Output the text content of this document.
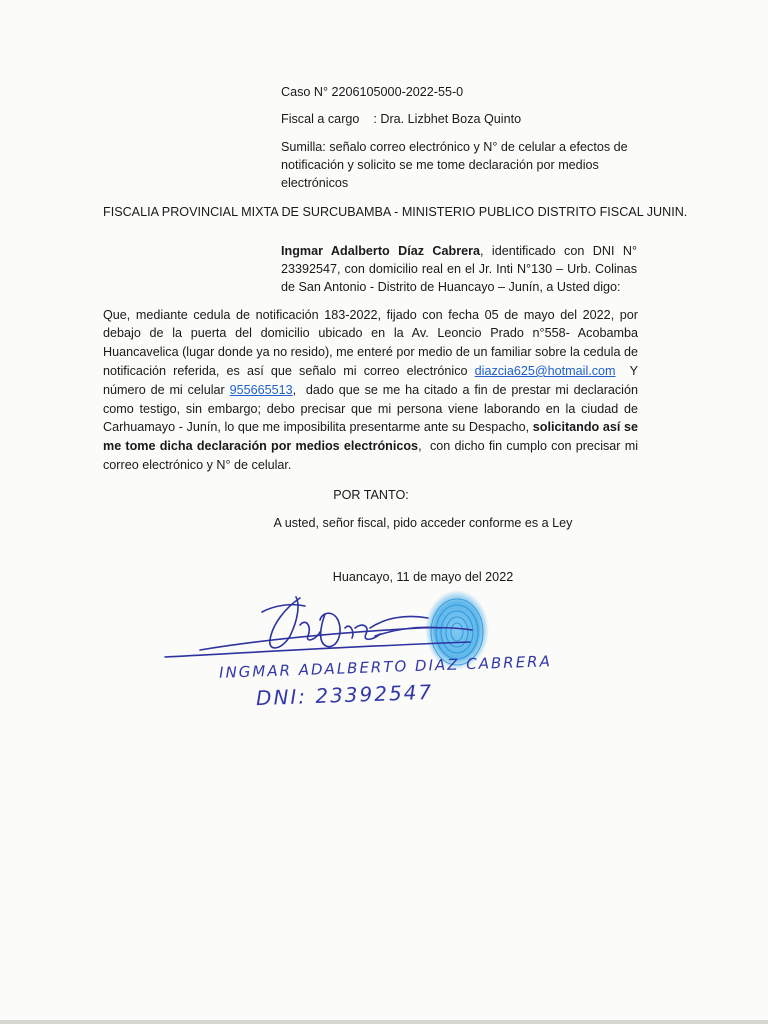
Caso N° 2206105000-2022-55-0
Fiscal a cargo    : Dra. Lizbhet Boza Quinto
Sumilla: señalo correo electrónico y N° de celular a efectos de notificación y solicito se me tome declaración por medios electrónicos
FISCALIA PROVINCIAL MIXTA DE SURCUBAMBA - MINISTERIO PUBLICO DISTRITO FISCAL JUNIN.

Ingmar Adalberto Díaz Cabrera, identificado con DNI N° 23392547, con domicilio real en el Jr. Inti N°130 – Urb. Colinas de San Antonio - Distrito de Huancayo – Junín, a Usted digo:

Que, mediante cedula de notificación 183-2022, fijado con fecha 05 de mayo del 2022, por debajo de la puerta del domicilio ubicado en la Av. Leoncio Prado n°558- Acobamba Huancavelica (lugar donde ya no resido), me enteré por medio de un familiar sobre la cedula de notificación referida, es así que señalo mi correo electrónico diazcia625@hotmail.com  Y número de mi celular 955665513,  dado que se me ha citado a fin de prestar mi declaración como testigo, sin embargo; debo precisar que mi persona viene laborando en la ciudad de Carhuamayo - Junín, lo que me imposibilita presentarme ante su Despacho, solicitando así se me tome dicha declaración por medios electrónicos,  con dicho fin cumplo con precisar mi correo electrónico y N° de celular.

POR TANTO:
A usted, señor fiscal, pido acceder conforme es a Ley
Huancayo, 11 de mayo del 2022
INGMAR ADALBERTO DIAZ CABRERA
DNI: 23392547
